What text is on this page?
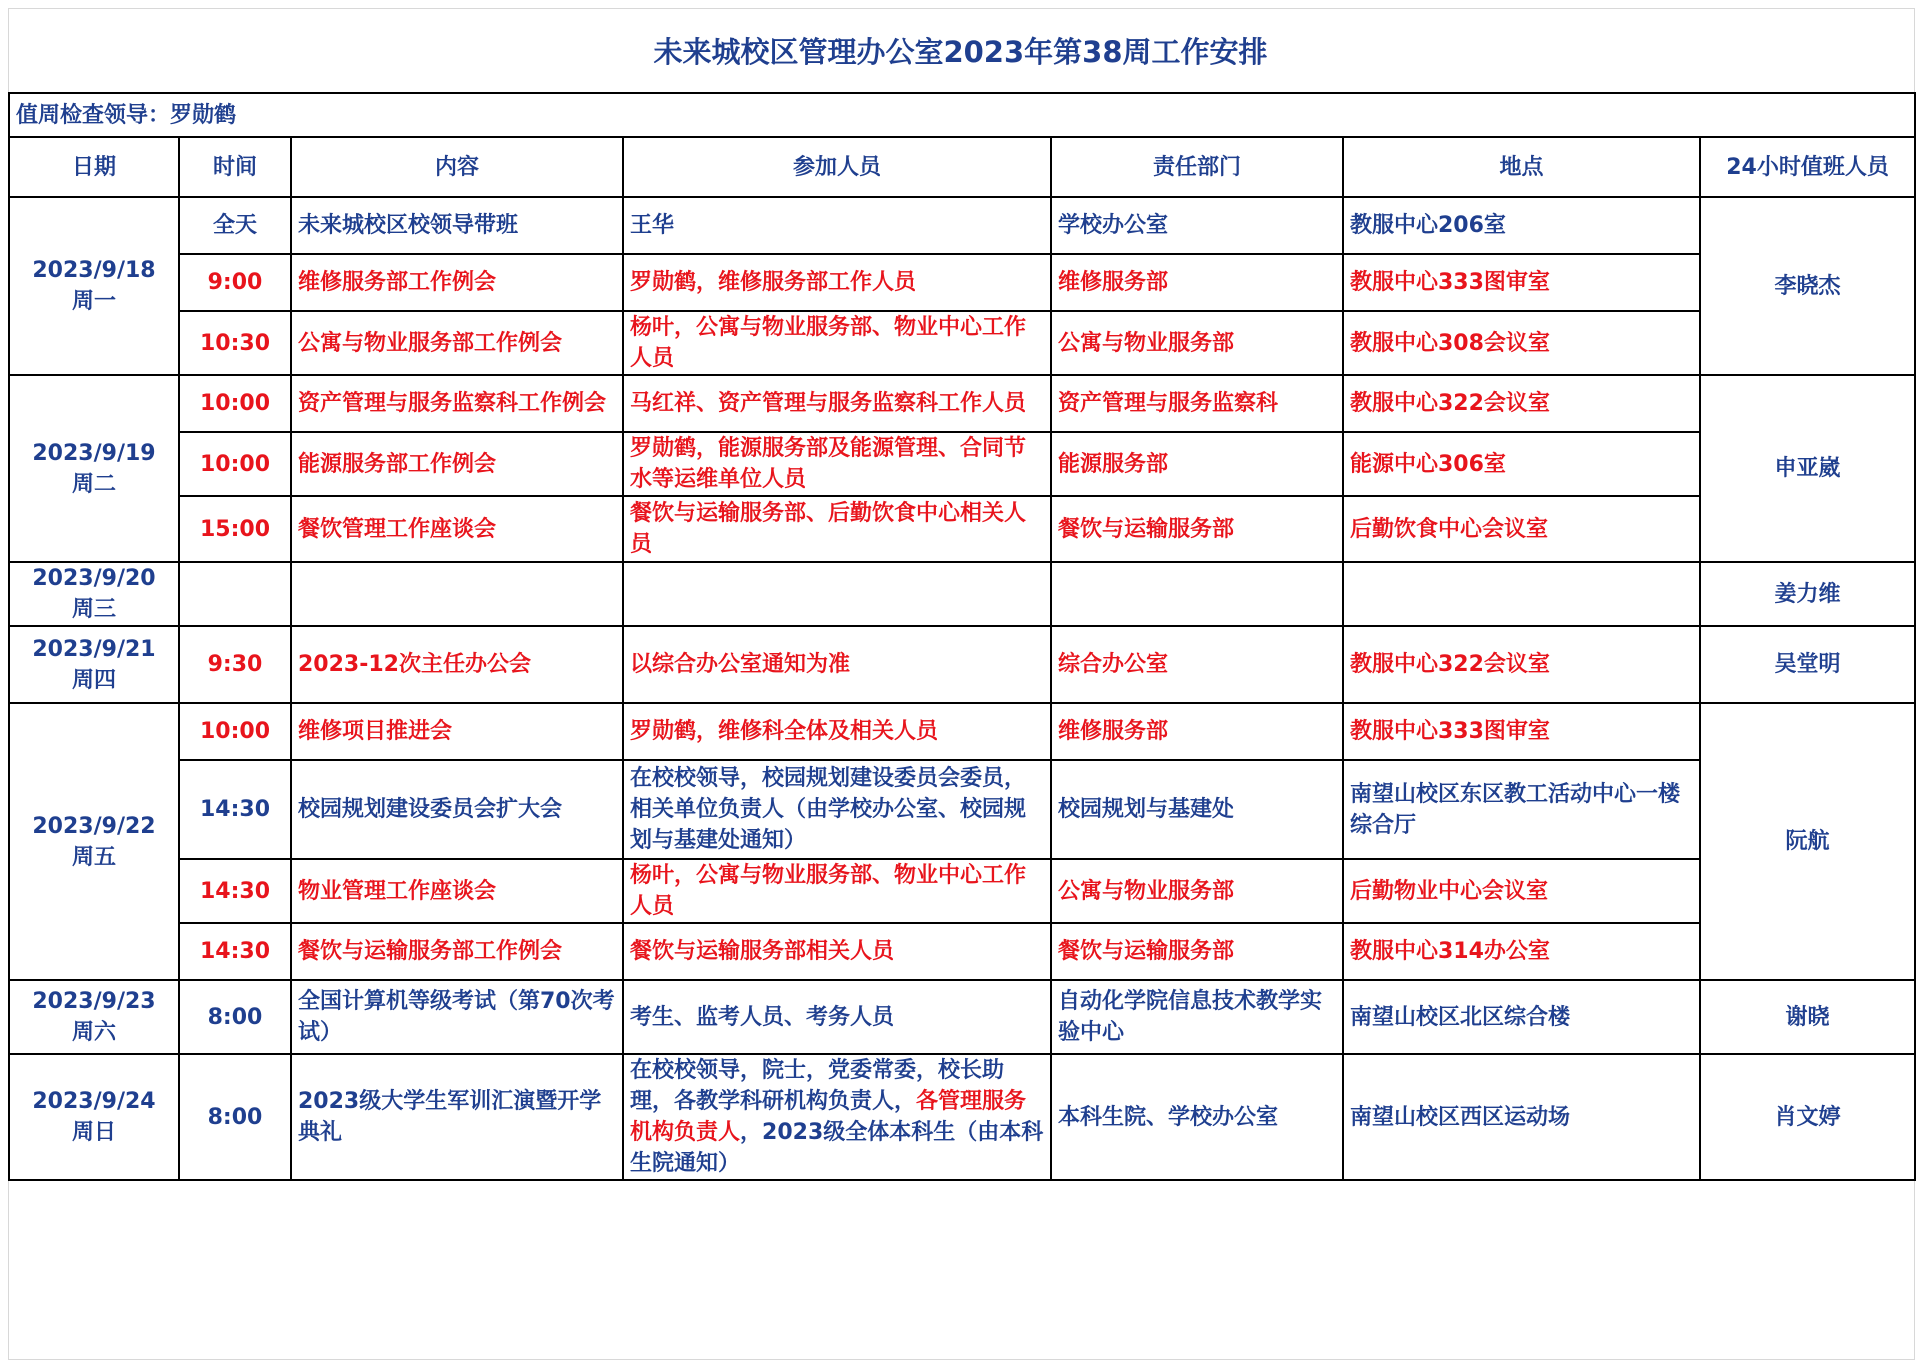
未来城校区管理办公室2023年第38周工作安排
值周检查领导：罗勋鹤						
日期	时间	内容	参加人员	责任部门	地点	24小时值班人员

2023/9/18
周一	全天	未来城校区校领导带班	王华	学校办公室	教服中心206室	李晓杰
	9:00	维修服务部工作例会	罗勋鹤，维修服务部工作人员	维修服务部	教服中心333图审室	
	10:30	公寓与物业服务部工作例会	杨叶，公寓与物业服务部、物业中心工作人员	公寓与物业服务部	教服中心308会议室	

2023/9/19
周二	10:00	资产管理与服务监察科工作例会	马红祥、资产管理与服务监察科工作人员	资产管理与服务监察科	教服中心322会议室	申亚崴
	10:00	能源服务部工作例会	罗勋鹤，能源服务部及能源管理、合同节水等运维单位人员	能源服务部	能源中心306室	
	15:00	餐饮管理工作座谈会	餐饮与运输服务部、后勤饮食中心相关人员	餐饮与运输服务部	后勤饮食中心会议室	

2023/9/20
周三						姜力维

2023/9/21
周四	9:30	2023-12次主任办公会	以综合办公室通知为准	综合办公室	教服中心322会议室	吴堂明

2023/9/22
周五	10:00	维修项目推进会	罗勋鹤，维修科全体及相关人员	维修服务部	教服中心333图审室	阮航
	14:30	校园规划建设委员会扩大会	在校校领导，校园规划建设委员会委员，相关单位负责人（由学校办公室、校园规划与基建处通知）	校园规划与基建处	南望山校区东区教工活动中心一楼综合厅	
	14:30	物业管理工作座谈会	杨叶，公寓与物业服务部、物业中心工作人员	公寓与物业服务部	后勤物业中心会议室	
	14:30	餐饮与运输服务部工作例会	餐饮与运输服务部相关人员	餐饮与运输服务部	教服中心314办公室	

2023/9/23
周六	8:00	全国计算机等级考试（第70次考试）	考生、监考人员、考务人员	自动化学院信息技术教学实验中心	南望山校区北区综合楼	谢晓

2023/9/24
周日	8:00	2023级大学生军训汇演暨开学典礼	在校校领导，院士，党委常委，校长助理，各教学科研机构负责人，各管理服务机构负责人，2023级全体本科生（由本科生院通知）	本科生院、学校办公室	南望山校区西区运动场	肖文婷
